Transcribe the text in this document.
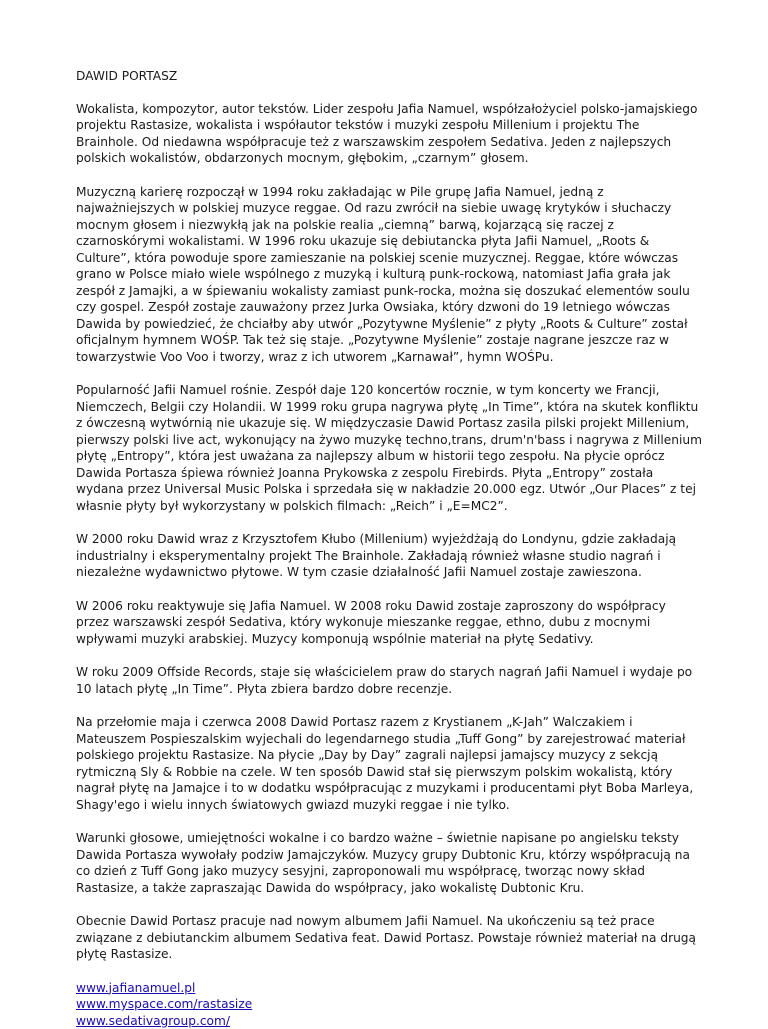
DAWID PORTASZ

Wokalista, kompozytor, autor tekstów. Lider zespołu Jafia Namuel, współzałożyciel polsko-jamajskiego projektu Rastasize, wokalista i współautor tekstów i muzyki zespołu Millenium i projektu The Brainhole. Od niedawna współpracuje też z warszawskim zespołem Sedativa. Jeden z najlepszych polskich wokalistów, obdarzonych mocnym, głębokim, „czarnym” głosem.

Muzyczną karierę rozpoczął w 1994 roku zakładając w Pile grupę Jafia Namuel, jedną z najważniejszych w polskiej muzyce reggae. Od razu zwrócił na siebie uwagę krytyków i słuchaczy mocnym głosem i niezwykłą jak na polskie realia „ciemną” barwą, kojarzącą się raczej z czarnoskórymi wokalistami. W 1996 roku ukazuje się debiutancka płyta Jafii Namuel, „Roots & Culture”, która powoduje spore zamieszanie na polskiej scenie muzycznej. Reggae, które wówczas grano w Polsce miało wiele wspólnego z muzyką i kulturą punk-rockową, natomiast Jafia grała jak zespół z Jamajki, a w śpiewaniu wokalisty zamiast punk-rocka, można się doszukać elementów soulu czy gospel. Zespół zostaje zauważony przez Jurka Owsiaka, który dzwoni do 19 letniego wówczas Dawida by powiedzieć, że chciałby aby utwór „Pozytywne Myślenie” z płyty „Roots & Culture” został oficjalnym hymnem WOŚP. Tak też się staje. „Pozytywne Myślenie” zostaje nagrane jeszcze raz w towarzystwie Voo Voo i tworzy, wraz z ich utworem „Karnawał”, hymn WOŚPu.

Popularność Jafii Namuel rośnie. Zespół daje 120 koncertów rocznie, w tym koncerty we Francji, Niemczech, Belgii czy Holandii. W 1999 roku grupa nagrywa płytę „In Time”, która na skutek konfliktu z ówczesną wytwórnią nie ukazuje się. W międzyczasie Dawid Portasz zasila pilski projekt Millenium, pierwszy polski live act, wykonujący na żywo muzykę techno,trans, drum'n'bass i nagrywa z Millenium płytę „Entropy”, która jest uważana za najlepszy album w historii tego zespołu. Na płycie oprócz Dawida Portasza śpiewa również Joanna Prykowska z zespolu Firebirds. Płyta „Entropy” została wydana przez Universal Music Polska i sprzedała się w nakładzie 20.000 egz. Utwór „Our Places” z tej własnie płyty był wykorzystany w polskich filmach: „Reich” i „E=MC2”.

W 2000 roku Dawid wraz z Krzysztofem Kłubo (Millenium) wyjeżdżają do Londynu, gdzie zakładają industrialny i eksperymentalny projekt The Brainhole. Zakładają również własne studio nagrań i niezależne wydawnictwo płytowe. W tym czasie działalność Jafii Namuel zostaje zawieszona.

W 2006 roku reaktywuje się Jafia Namuel. W 2008 roku Dawid zostaje zaproszony do współpracy przez warszawski zespół Sedativa, który wykonuje mieszanke reggae, ethno, dubu z mocnymi wpływami muzyki arabskiej. Muzycy komponują wspólnie materiał na płytę Sedativy.

W roku 2009 Offside Records, staje się właścicielem praw do starych nagrań Jafii Namuel i wydaje po 10 latach płytę „In Time”. Płyta zbiera bardzo dobre recenzje.

Na przełomie maja i czerwca 2008 Dawid Portasz razem z Krystianem „K-Jah” Walczakiem i Mateuszem Pospieszalskim wyjechali do legendarnego studia „Tuff Gong” by zarejestrować materiał polskiego projektu Rastasize. Na płycie „Day by Day” zagrali najlepsi jamajscy muzycy z sekcją rytmiczną Sly & Robbie na czele. W ten sposób Dawid stał się pierwszym polskim wokalistą, który nagrał płytę na Jamajce i to w dodatku współpracując z muzykami i producentami płyt Boba Marleya, Shagy'ego i wielu innych światowych gwiazd muzyki reggae i nie tylko.

Warunki głosowe, umiejętności wokalne i co bardzo ważne – świetnie napisane po angielsku teksty Dawida Portasza wywołały podziw Jamajczyków. Muzycy grupy Dubtonic Kru, którzy współpracują na co dzień z Tuff Gong jako muzycy sesyjni, zaproponowali mu współpracę, tworząc nowy skład Rastasize, a także zapraszając Dawida do współpracy, jako wokalistę Dubtonic Kru.

Obecnie Dawid Portasz pracuje nad nowym albumem Jafii Namuel. Na ukończeniu są też prace związane z debiutanckim albumem Sedativa feat. Dawid Portasz. Powstaje również materiał na drugą płytę Rastasize.

www.jafianamuel.pl
www.myspace.com/rastasize
www.sedativagroup.com/
